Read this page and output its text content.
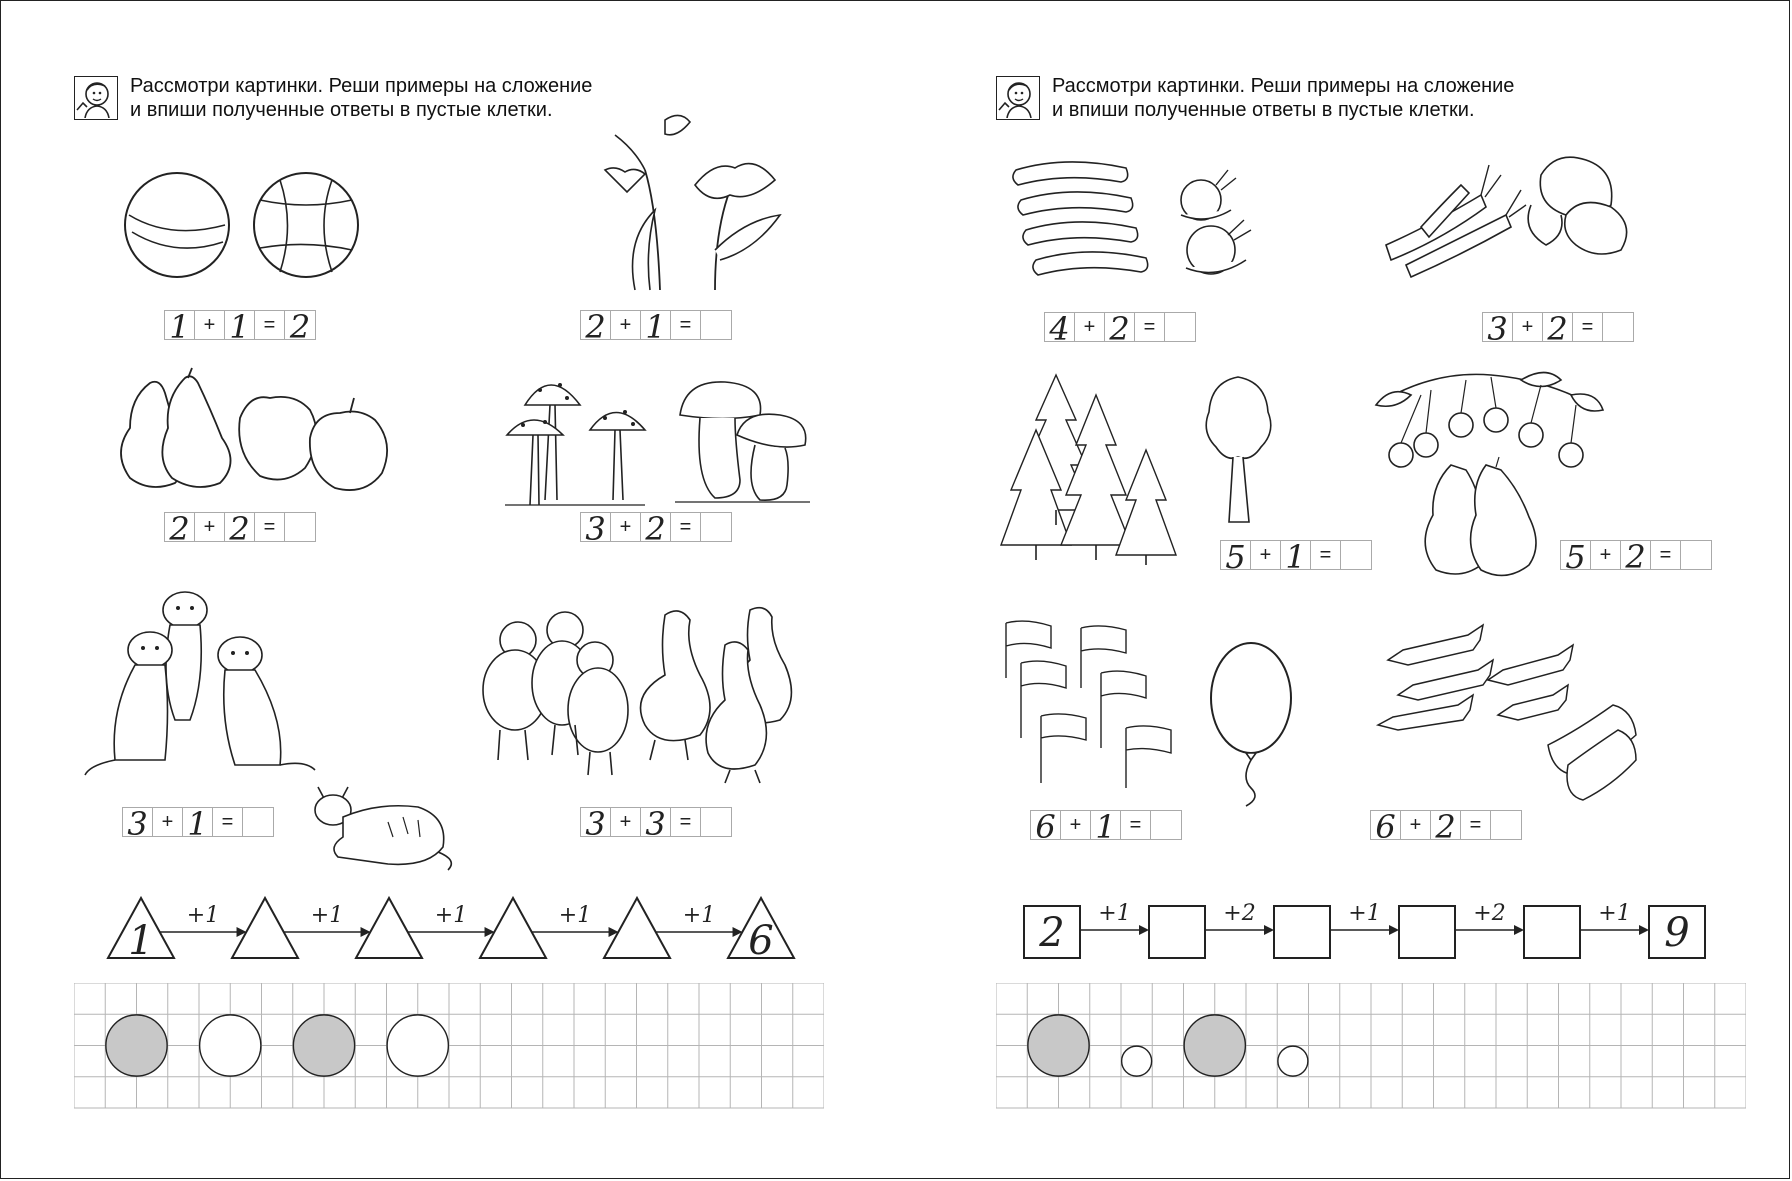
Рассмотри картинки. Реши примеры на сложение
и впиши полученные ответы в пустые клетки.
1 + 1 = 2	2 + 1 =
2 + 2 =	3 + 2 =
3 + 1 =	3 + 3 =
1
+1	+1	+1	+1	+1
6
Рассмотри картинки. Реши примеры на сложение
и впиши полученные ответы в пустые клетки.
4 + 2 =	3 + 2 =
5 + 1 =	5 + 2 =
6 + 1 =	6 + 2 =
2 +1	+2	+1	+2	+1 9
